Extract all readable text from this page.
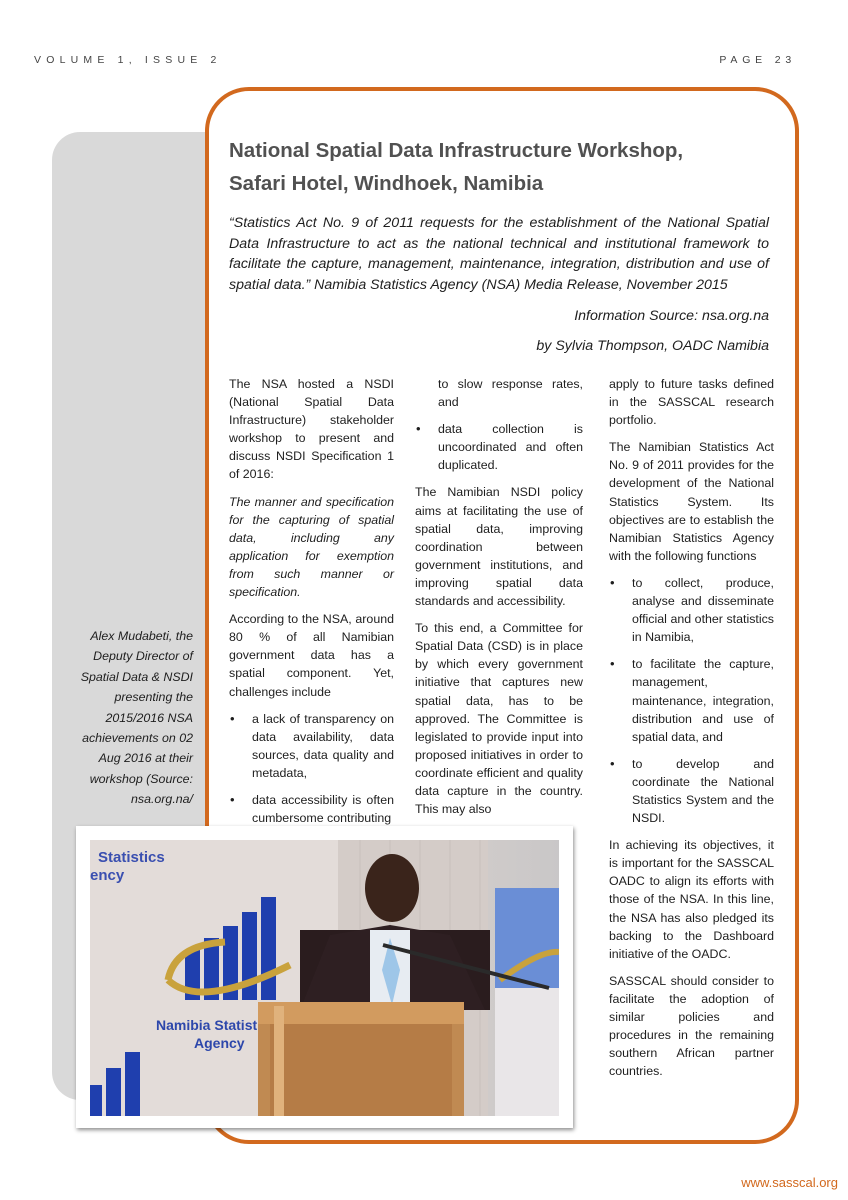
VOLUME 1, ISSUE 2	PAGE 23
National Spatial Data Infrastructure Workshop,
Safari Hotel, Windhoek, Namibia
“Statistics Act No. 9 of 2011 requests for the establishment of the National Spatial Data Infrastructure to act as the national technical and institutional framework to facilitate the capture, management, maintenance, integration, distribution and use of spatial data.” Namibia Statistics Agency (NSA) Media Release, November 2015
Information Source: nsa.org.na
by Sylvia Thompson, OADC Namibia

The NSA hosted a NSDI (National Spatial Data Infrastructure) stakeholder workshop to present and discuss NSDI Specification 1 of 2016:

The manner and specification for the capturing of spatial data, including any application for exemption from such manner or specification.

According to the NSA, around 80 % of all Namibian government data has a spatial component. Yet, challenges include

• a lack of transparency on data availability, data sources, data quality and metadata,
• data accessibility is often cumbersome contributing
to slow response rates, and
• data collection is uncoordinated and often duplicated.

The Namibian NSDI policy aims at facilitating the use of spatial data, improving coordination between government institutions, and improving spatial data standards and accessibility.

To this end, a Committee for Spatial Data (CSD) is in place by which every government initiative that captures new spatial data, has to be approved. The Committee is legislated to provide input into proposed initiatives in order to coordinate efficient and quality data capture in the country. This may also

apply to future tasks defined in the SASSCAL research portfolio.

The Namibian Statistics Act No. 9 of 2011 provides for the development of the National Statistics System. Its objectives are to establish the Namibian Statistics Agency with the following functions

• to collect, produce, analyse and disseminate official and other statistics in Namibia,
• to facilitate the capture, management, maintenance, integration, distribution and use of spatial data, and
• to develop and coordinate the National Statistics System and the NSDI.

In achieving its objectives, it is important for the SASSCAL OADC to align its efforts with those of the NSA. In this line, the NSA has also pledged its backing to the Dashboard initiative of the OADC.

SASSCAL should consider to facilitate the adoption of similar policies and procedures in the remaining southern African partner countries.

Alex Mudabeti, the Deputy Director of Spatial Data & NSDI presenting the 2015/2016 NSA achievements on 02 Aug 2016 at their workshop (Source: nsa.org.na/
Statistics
ency
Namibia Statist
Agency
www.sasscal.org
